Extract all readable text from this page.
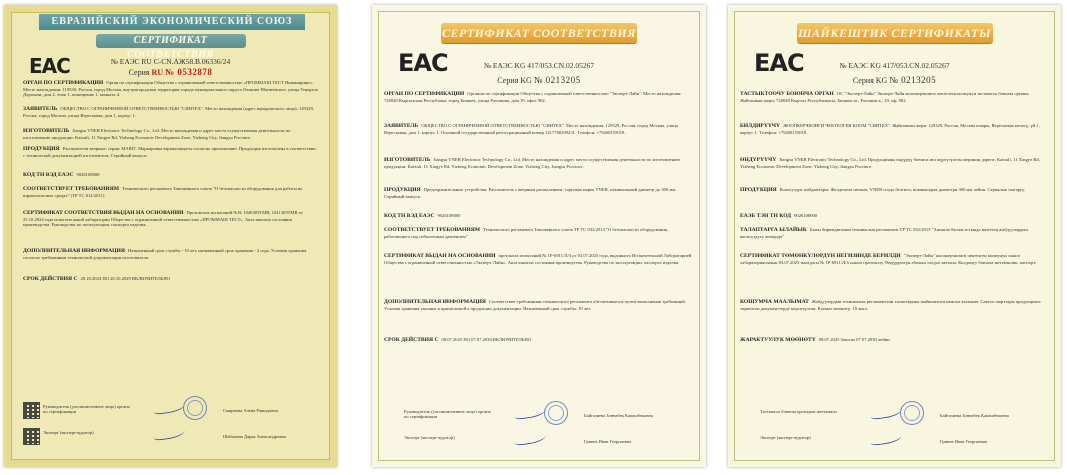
ЕВРАЗИЙСКИЙ ЭКОНОМИЧЕСКИЙ СОЮЗ
СЕРТИФИКАТ СООТВЕТСТВИЯ
ЕАС	№ ЕАЭС RU С-CN.АЖ58.В.06336/24
Серия RU № 0532878
ОРГАН ПО СЕРТИФИКАЦИИ Орган по сертификации Общества с ограниченной ответственностью «ПРОММАШ ТЕСТ Инжиниринг». Место нахождения: 119530, Россия, город Москва, внутригородская территория города муниципального округа Очаково-Матвеевское, улица Генерала Дорохова, дом 2, этаж 1, помещение 1, комната 4.
ЗАЯВИТЕЛЬ ОБЩЕСТВО С ОГРАНИЧЕННОЙ ОТВЕТСТВЕННОСТЬЮ "СИНТЕХ". Место нахождения (адрес юридического лица): 129329, Россия, город Москва, улица Вересковая, дом 1, корпус 1.
ИЗГОТОВИТЕЛЬ Jiangsu VNER Electronic Technology Co., Ltd. Место нахождения и адрес места осуществления деятельности по изготовлению продукции: Kaixuli, 11 Xingye Rd, Yizheng Economic Development Zone, Yizheng City, Jiangsu Province.
ПРОДУКЦИЯ Распылители веерные, серия: MARIT. Маркировка взрывозащиты согласно приложению. Продукция изготовлена в соответствии с технической документацией изготовителя. Серийный выпуск.
КОД ТН ВЭД ЕАЭС 9026108000
СООТВЕТСТВУЕТ ТРЕБОВАНИЯМ Технического регламента Таможенного союза "О безопасности оборудования для работы во взрывоопасных средах" (ТР ТС 012/2011)
СЕРТИФИКАТ СООТВЕТСТВИЯ ВЫДАН НА ОСНОВАНИИ Протоколов испытаний №№ 1040303ТМВ, 1041303ТМВ от 25.10.2024 года испытательной лаборатории Общества с ограниченной ответственностью «ПРОММАШ ТЕСТ». Акта анализа состояния производства. Руководства по эксплуатации, паспорта изделия.
ДОПОЛНИТЕЛЬНАЯ ИНФОРМАЦИЯ Назначенный срок службы - 10 лет, назначенный срок хранения - 2 года. Условия хранения согласно требованиям технической документации изготовителя.
СРОК ДЕЙСТВИЯ С 20.10.2024 ПО 20.10.2029 ВКЛЮЧИТЕЛЬНО
Руководитель (уполномоченное лицо) органа по сертификации	Смирнова Алена Рашидовна
Эксперт (эксперт-аудитор)
Шабалина Дарья Александровна
СЕРТИФИКАТ СООТВЕТСТВИЯ
ЕАС	№ ЕАЭС KG 417/053.CN.02.05267
Серия KG № 0213205
ОРГАН ПО СЕРТИФИКАЦИИ Органом по сертификации Общества с ограниченной ответственностью "Эксперт-Лайн". Место нахождения: 720040 Кыргызская Республика, город Бишкек, улица Раззакова, дом 19, офис 902.
ЗАЯВИТЕЛЬ ОБЩЕСТВО С ОГРАНИЧЕННОЙ ОТВЕТСТВЕННОСТЬЮ "СИНТЕХ". Место нахождения: 129329, Россия, город Москва, улица Вересковая, дом 1, корпус 1. Основной государственный регистрационный номер 1217700209231. Телефон: +79268155018.
ИЗГОТОВИТЕЛЬ Jiangsu VNER Electronic Technology Co., Ltd. Место нахождения и адрес места осуществления деятельности по изготовлению продукции: Kaixuli, 11 Xingye Rd, Yizheng Economic Development Zone, Yizheng City, Jiangsu Province.
ПРОДУКЦИЯ Предохранительные устройства: Распылитель с веерным распылением, торговая марка VNER, номинальный диаметр до 300 мм. Серийный выпуск.
КОД ТН ВЭД ЕАЭС 9026108000
СООТВЕТСТВУЕТ ТРЕБОВАНИЯМ Технического регламента Таможенного союза ТР ТС 032/2013 "О безопасности оборудования, работающего под избыточным давлением"
СЕРТИФИКАТ ВЫДАН НА ОСНОВАНИИ протокола испытаний № 1Р-6911/Л/З от 03.07.2025 года, выданного Испытательной Лабораторией Общества с ограниченной ответственностью «Эксперт-Лайн». Акта анализа состояния производства. Руководства по эксплуатации, паспорта изделия.
ДОПОЛНИТЕЛЬНАЯ ИНФОРМАЦИЯ Соответствие требованиям технического регламента обеспечивается путем выполнения требований. Условия хранения указаны в прилагаемой к продукции документации. Назначенный срок службы: 10 лет.
СРОК ДЕЙСТВИЯ С 08.07.2025 ПО 07.07.2030 ВКЛЮЧИТЕЛЬНО
Руководитель (уполномоченное лицо) органа по сертификации	Байгазиева Зоннабек Капашбековна
Эксперт (эксперт-аудитор)
Гринев Иван Георгиевич
ШАЙКЕШТИК СЕРТИФИКАТЫ
ЕАС	№ ЕАЭС KG 417/053.CN.02.05267
Серия KG № 0213205
ТАСТЫКТООЧУ БОЮНЧА ОРГАН ОС "Эксперт-Лайн" Эксперт-Лайн жоопкерчилиги чектелген коомунун тастыктоо боюнча органы. Жайгашкан жери: 720040 Кыргыз Республикасы, Бишкек ш., Раззаков к., 19, оф. 902.
БИЛДИРҮҮЧҮ ЖООПКЕРЧИЛИГИ ЧЕКТЕЛГЕН КООМ "СИНТЕХ". Жайгашкан жери: 129329, Россия, Москва шаары, Вересковая көчөсү, үй 1, корпус 1. Телефон: +79268155018.
ӨНДҮРҮҮЧҮ Jiangsu VNER Electronic Technology Co., Ltd. Продукцияны өндүрүү боюнча иш жүргүзүлгөн жеринин дареги: Kaixuli, 11 Xingye Rd, Yizheng Economic Development Zone, Yizheng City, Jiangsu Province.
ПРОДУКЦИЯ Коопсуздук жабдыктары: Желдеткич чачкыч, VNER соода белгиси, номиналдык диаметри 300 мм чейин. Сериялык чыгаруу.
ЕАЭБ ТЭН ТН КОД 9026108000
ТАЛАПТАРГА ЫЛАЙЫК Бажы биримдигинин техникалык регламенти ТР ТС 032/2013 "Ашыкча басым астында иштеген жабдуулардын коопсуздугу жөнүндө"
СЕРТИФИКАТ ТӨМӨНКҮЛӨРДҮН НЕГИЗИНДЕ БЕРИЛДИ "Эксперт-Лайн" жоопкерчилиги чектелген коомунун сыноо лабораториясынын 03.07.2025-жылдагы № 1Р-6911/Л/З сыноо протоколу. Өндүрүштүн абалын талдоо актысы. Колдонуу боюнча жетекчилик, паспорт.
КОШУМЧА МААЛЫМАТ Жабдуулардын техникалык регламенттин талаптарына шайкештиги камсыз кылынат. Сактоо шарттары продукцияга тиркелген документтерде көрсөтүлгөн. Кызмат мөөнөтү: 10 жыл.
ЖАРАКТУУЛУК МӨӨНӨТҮ 08.07.2025 баштап 07.07.2030 чейин
Тастыктоо боюнча органдын жетекчиси
Байгазиева Зоннабек Капашбековна
Эксперт (эксперт-аудитор)
Гринев Иван Георгиевич
